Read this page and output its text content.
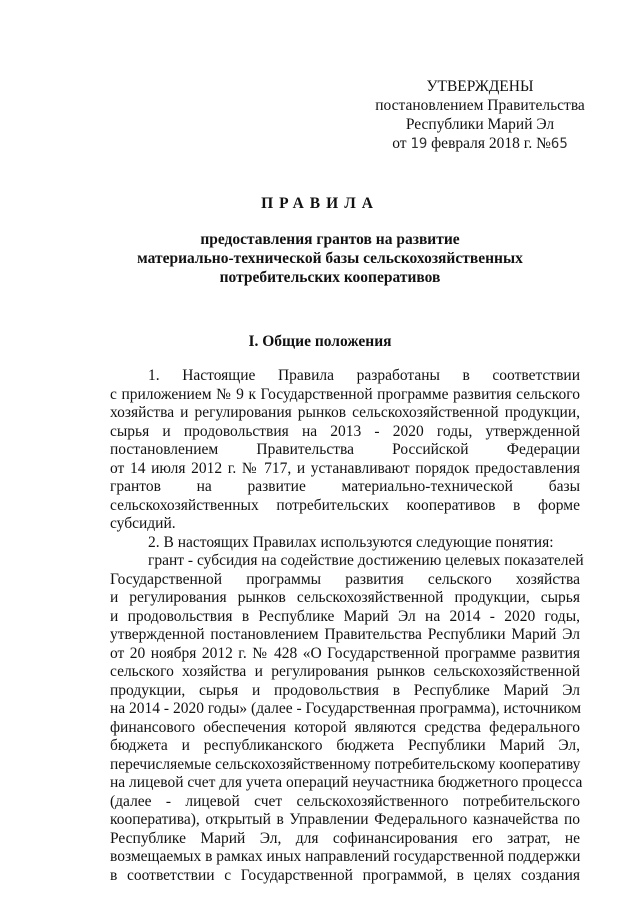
УТВЕРЖДЕНЫ
постановлением Правительства
Республики Марий Эл
от 19 февраля 2018 г. №65
ПРАВИЛА
предоставления грантов на развитие
материально-технической базы сельскохозяйственных
потребительских кооперативов
I. Общие положения
1. Настоящие Правила разработаны в соответствии
с приложением № 9 к Государственной программе развития сельского
хозяйства и регулирования рынков сельскохозяйственной продукции,
сырья и продовольствия на 2013 - 2020 годы, утвержденной
постановлением Правительства Российской Федерации
от 14 июля 2012 г. № 717, и устанавливают порядок предоставления
грантов на развитие материально-технической базы
сельскохозяйственных потребительских кооперативов в форме
субсидий.
2. В настоящих Правилах используются следующие понятия:
грант - субсидия на содействие достижению целевых показателей
Государственной программы развития сельского хозяйства
и регулирования рынков сельскохозяйственной продукции, сырья
и продовольствия в Республике Марий Эл на 2014 - 2020 годы,
утвержденной постановлением Правительства Республики Марий Эл
от 20 ноября 2012 г. № 428 «О Государственной программе развития
сельского хозяйства и регулирования рынков сельскохозяйственной
продукции, сырья и продовольствия в Республике Марий Эл
на 2014 - 2020 годы» (далее - Государственная программа), источником
финансового обеспечения которой являются средства федерального
бюджета и республиканского бюджета Республики Марий Эл,
перечисляемые сельскохозяйственному потребительскому кооперативу
на лицевой счет для учета операций неучастника бюджетного процесса
(далее - лицевой счет сельскохозяйственного потребительского
кооператива), открытый в Управлении Федерального казначейства по
Республике Марий Эл, для софинансирования его затрат, не
возмещаемых в рамках иных направлений государственной поддержки
в соответствии с Государственной программой, в целях создания
